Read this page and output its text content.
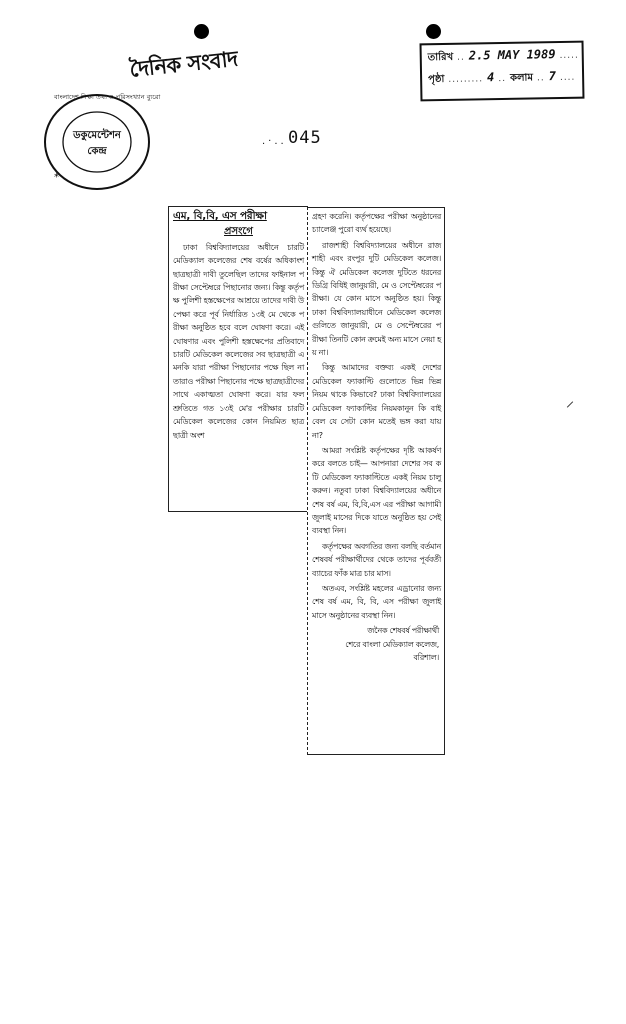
দৈনিক সংবাদ
*
বাংলাদেশ শিক্ষা তথ্য ও পরিসংখ্যান ব্যুরো
ডকুমেন্টেশন
কেন্দ্র
তারিখ .. 2.5 MAY 1989 .....
পৃষ্ঠা ......... 4 .. কলাম .. 7 ....
.·.. 045
এম, বি,বি, এস পরীক্ষা
প্রসংগে

ঢাকা বিশ্ববিদ্যালয়ের অধীনে চারটি মেডিক্যাল কলেজের শেষ বর্ষের অধিকাংশ ছাত্রছাত্রী দাবী তুলেছিল তাদের ফাইনাল পরীক্ষা সেপ্টেম্বরে পিছানোর জন্য। কিন্তু কর্তৃপক্ষ পুলিশী হস্তক্ষেপের আশ্রয়ে তাদের দাবী উপেক্ষা করে পূর্ব নির্ধারিত ১৩ই মে থেকে পরীক্ষা অনুষ্ঠিত হবে বলে ঘোষণা করে। এই ঘোষণার এবং পুলিশী হস্তক্ষেপের প্রতিবাদে চারটি মেডিকেল কলেজের সব ছাত্রছাত্রী এমনকি যারা পরীক্ষা পিছানোর পক্ষে ছিল না তারাও পরীক্ষা পিছানোর পক্ষে ছাত্রছাত্রীদের সাথে একাত্মতা ঘোষণা করে। যার ফলশ্রুতিতে গত ১৩ই মে'র পরীক্ষার চারটি মেডিকেল কলেজের কোন নিয়মিত ছাত্রছাত্রী অংশ

গ্রহণ করেনি। কর্তৃপক্ষের পরীক্ষা অনুষ্ঠানের চ্যালেঞ্জ পুরো ব্যর্থ হয়েছে।

রাজশাহী বিশ্ববিদ্যালয়ের অধীনে রাজশাহী এবং রংপুর দুটি মেডিকেল কলেজ। কিন্তু ঐ মেডিকেল কলেজ দুটিতে ধরনের ডিগ্রি বিধিই জানুয়ারী, মে ও সেপ্টেম্বরের পরীক্ষা। যে কোন মাসে অনুষ্ঠিত হয়। কিন্তু ঢাকা বিশ্ববিদ্যালয়াধীনে মেডিকেল কলেজগুলিতে জানুয়ারী, মে ও সেপ্টেম্বরের পরীক্ষা তিনটি কোন ক্রমেই অন্য মাসে নেয়া হয় না।

কিন্তু আমাদের বক্তব্য একই দেশের মেডিকেল ফ্যাকাল্টি গুলোতে ভিন্ন ভিন্ন নিয়ম থাকে কিভাবে? ঢাকা বিশ্ববিদ্যালয়ের মেডিকেল ফ্যাকাল্টির নিয়মকানুন কি বাইবেল যে সেটা কোন মতেই ভঙ্গ করা যায় না?

আমরা সংশ্লিষ্ট কর্তৃপক্ষের দৃষ্টি আকর্ষণ করে বলতে চাই— আপনারা দেশের সব কটি মেডিকেল ফ্যাকাল্টিতে একই নিয়ম চালু করুন। নতুবা ঢাকা বিশ্ববিদ্যালয়ের অধীনে শেষ বর্ষ এম, বি,বি,এস এর পরীক্ষা আগামী জুলাই মাসের দিকে যাতে অনুষ্ঠিত হয় সেই ব্যবস্থা নিন।

কর্তৃপক্ষের অবগতির জন্য বলছি বর্তমান শেষবর্ষ পরীক্ষার্থীদের থেকে তাদের পূর্ববর্তী ব্যাচের ফাঁক মাত্র চার মাস।

অতএব, সংশ্লিষ্ট মহলের এড্রানোর জন্য শেষ বর্ষ এম, বি, বি, এস পরীক্ষা জুলাই মাসে অনুষ্ঠানের ব্যবস্থা নিন।

জনৈক শেষবর্ষ পরীক্ষার্থী
শেরে বাংলা মেডিক্যাল কলেজ,
বরিশাল।
